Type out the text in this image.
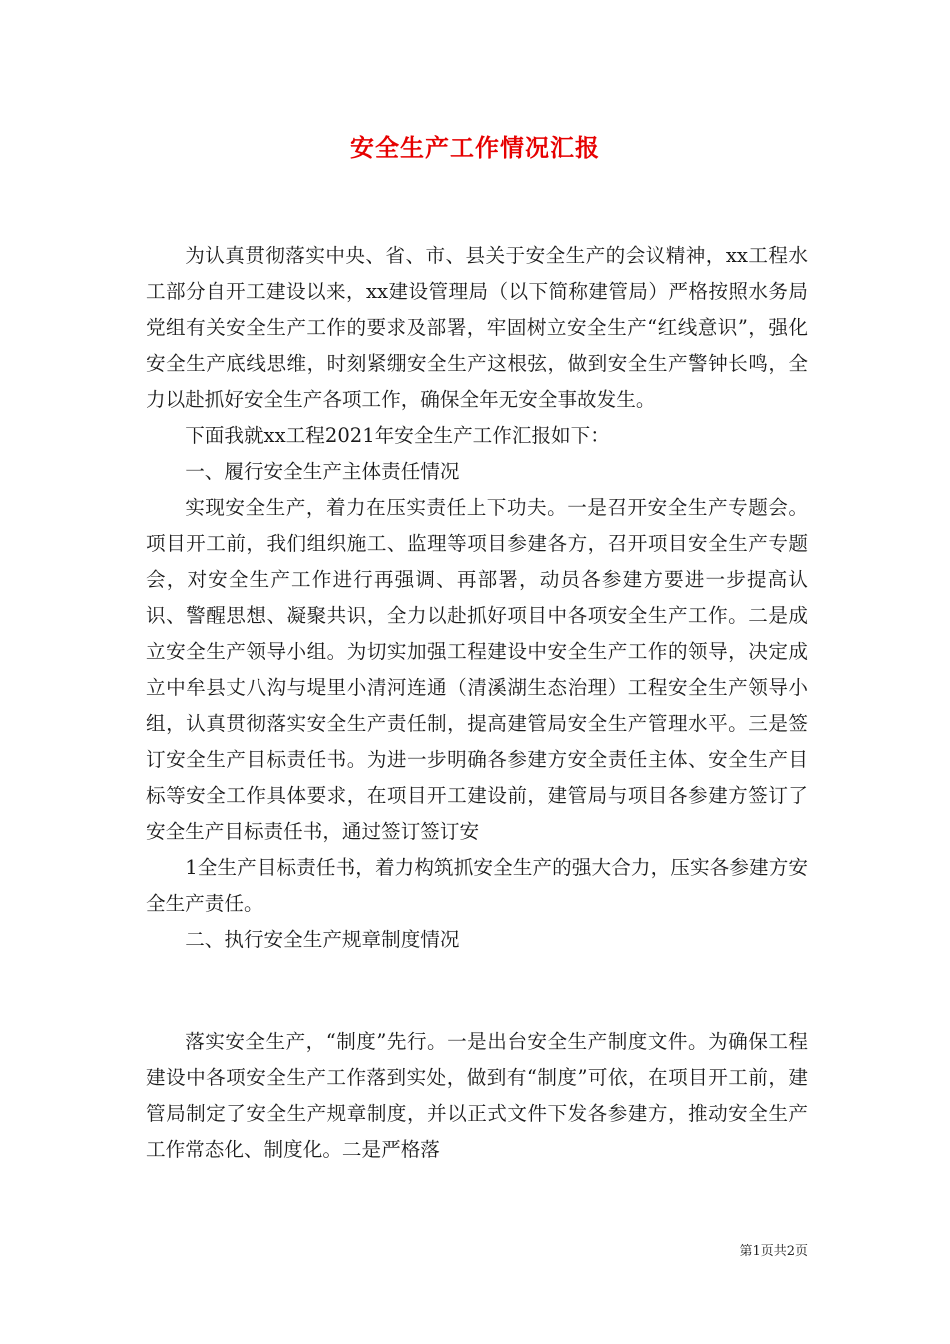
安全生产工作情况汇报

为认真贯彻落实中央、省、市、县关于安全生产的会议精神，xx工程水工部分自开工建设以来，xx建设管理局（以下简称建管局）严格按照水务局党组有关安全生产工作的要求及部署，牢固树立安全生产“红线意识”，强化安全生产底线思维，时刻紧绷安全生产这根弦，做到安全生产警钟长鸣，全力以赴抓好安全生产各项工作，确保全年无安全事故发生。

下面我就xx工程2021年安全生产工作汇报如下：

一、履行安全生产主体责任情况

实现安全生产，着力在压实责任上下功夫。一是召开安全生产专题会。项目开工前，我们组织施工、监理等项目参建各方，召开项目安全生产专题会，对安全生产工作进行再强调、再部署，动员各参建方要进一步提高认识、警醒思想、凝聚共识，全力以赴抓好项目中各项安全生产工作。二是成立安全生产领导小组。为切实加强工程建设中安全生产工作的领导，决定成立中牟县丈八沟与堤里小清河连通（清溪湖生态治理）工程安全生产领导小组，认真贯彻落实安全生产责任制，提高建管局安全生产管理水平。三是签订安全生产目标责任书。为进一步明确各参建方安全责任主体、安全生产目标等安全工作具体要求，在项目开工建设前，建管局与项目各参建方签订了安全生产目标责任书，通过签订签订安

1全生产目标责任书，着力构筑抓安全生产的强大合力，压实各参建方安全生产责任。

二、执行安全生产规章制度情况

落实安全生产，“制度”先行。一是出台安全生产制度文件。为确保工程建设中各项安全生产工作落到实处，做到有“制度”可依，在项目开工前，建管局制定了安全生产规章制度，并以正式文件下发各参建方，推动安全生产工作常态化、制度化。二是严格落

第1页共2页
